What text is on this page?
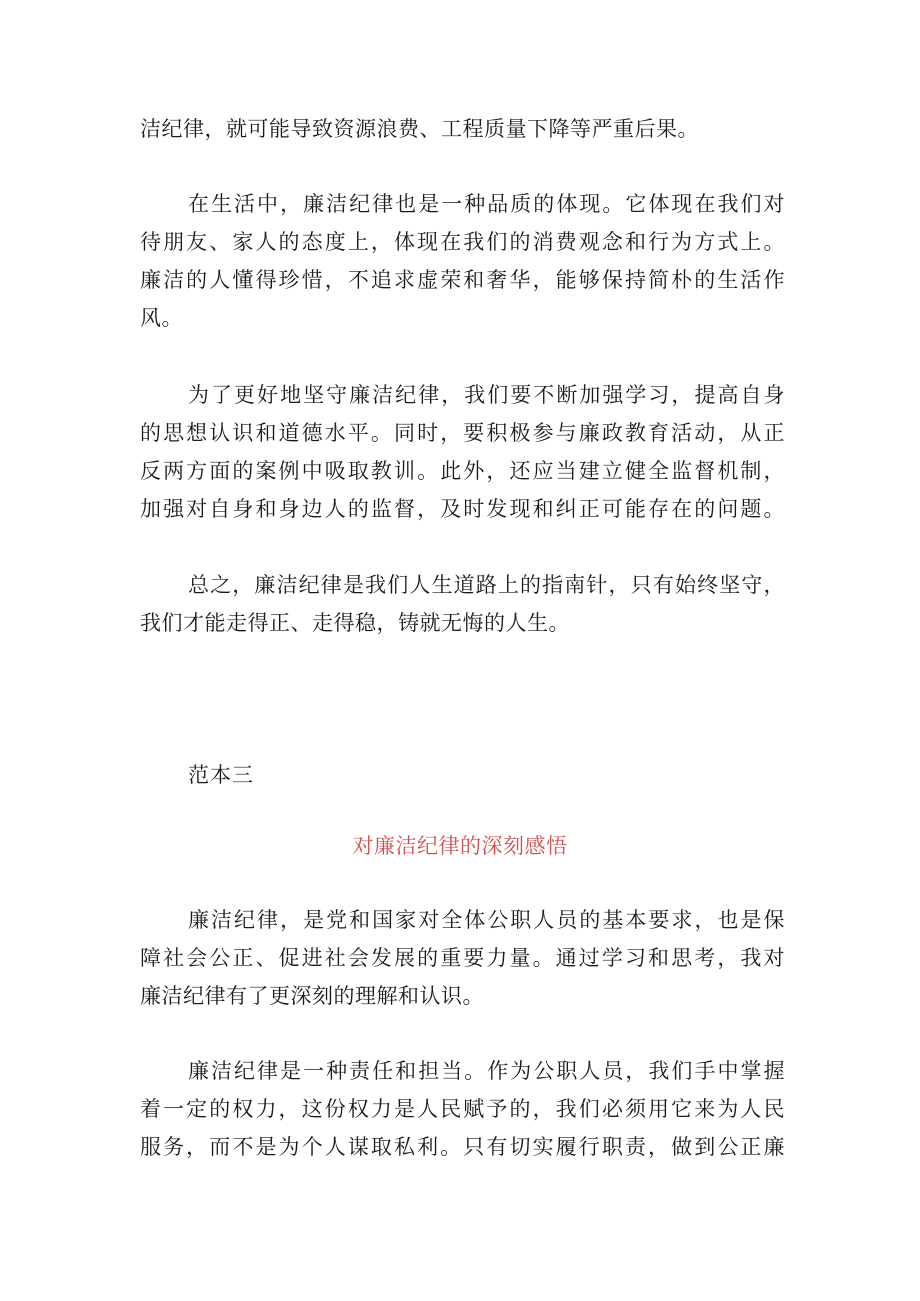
洁纪律，就可能导致资源浪费、工程质量下降等严重后果。
在生活中，廉洁纪律也是一种品质的体现。它体现在我们对
待朋友、家人的态度上，体现在我们的消费观念和行为方式上。
廉洁的人懂得珍惜，不追求虚荣和奢华，能够保持简朴的生活作
风。
为了更好地坚守廉洁纪律，我们要不断加强学习，提高自身
的思想认识和道德水平。同时，要积极参与廉政教育活动，从正
反两方面的案例中吸取教训。此外，还应当建立健全监督机制，
加强对自身和身边人的监督，及时发现和纠正可能存在的问题。
总之，廉洁纪律是我们人生道路上的指南针，只有始终坚守，
我们才能走得正、走得稳，铸就无悔的人生。
范本三
对廉洁纪律的深刻感悟
廉洁纪律，是党和国家对全体公职人员的基本要求，也是保
障社会公正、促进社会发展的重要力量。通过学习和思考，我对
廉洁纪律有了更深刻的理解和认识。
廉洁纪律是一种责任和担当。作为公职人员，我们手中掌握
着一定的权力，这份权力是人民赋予的，我们必须用它来为人民
服务，而不是为个人谋取私利。只有切实履行职责，做到公正廉
